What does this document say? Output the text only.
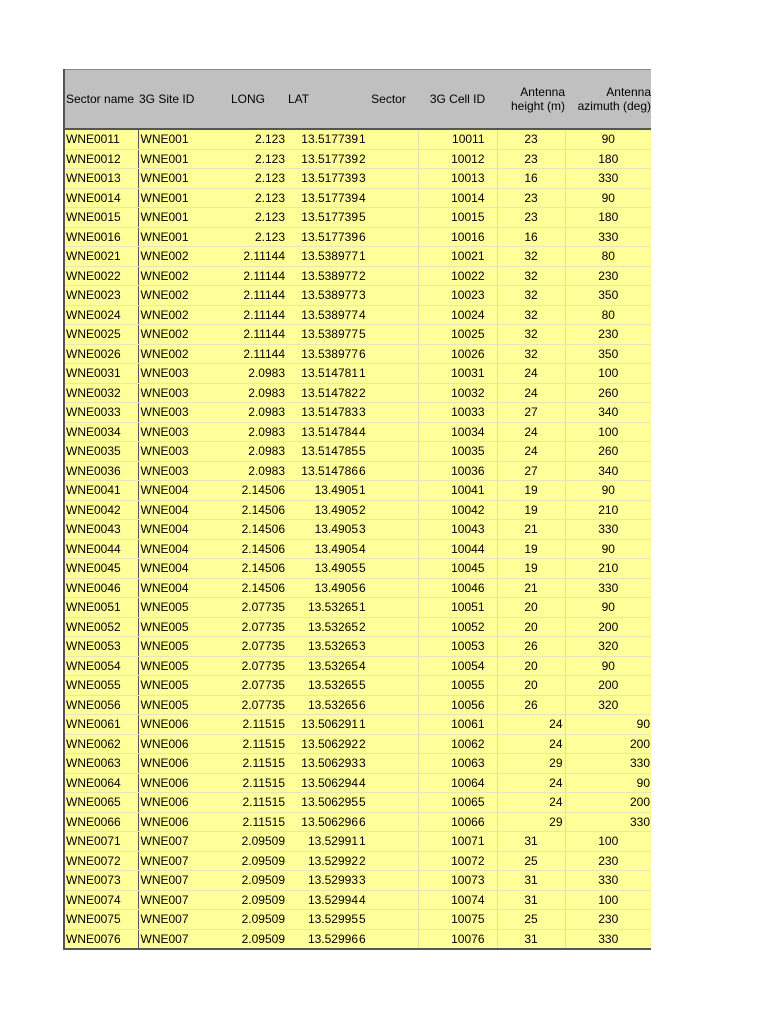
Sector name	3G Site ID	LONG	LAT	Sector	3G Cell ID	Antenna height (m)	Antenna azimuth (deg)
WNE0011	WNE001	2.123	13.517739	1	10011	23	90
WNE0012	WNE001	2.123	13.517739	2	10012	23	180
WNE0013	WNE001	2.123	13.517739	3	10013	16	330
WNE0014	WNE001	2.123	13.517739	4	10014	23	90
WNE0015	WNE001	2.123	13.517739	5	10015	23	180
WNE0016	WNE001	2.123	13.517739	6	10016	16	330
WNE0021	WNE002	2.11144	13.538977	1	10021	32	80
WNE0022	WNE002	2.11144	13.538977	2	10022	32	230
WNE0023	WNE002	2.11144	13.538977	3	10023	32	350
WNE0024	WNE002	2.11144	13.538977	4	10024	32	80
WNE0025	WNE002	2.11144	13.538977	5	10025	32	230
WNE0026	WNE002	2.11144	13.538977	6	10026	32	350
WNE0031	WNE003	2.0983	13.514781	1	10031	24	100
WNE0032	WNE003	2.0983	13.514782	2	10032	24	260
WNE0033	WNE003	2.0983	13.514783	3	10033	27	340
WNE0034	WNE003	2.0983	13.514784	4	10034	24	100
WNE0035	WNE003	2.0983	13.514785	5	10035	24	260
WNE0036	WNE003	2.0983	13.514786	6	10036	27	340
WNE0041	WNE004	2.14506	13.4905	1	10041	19	90
WNE0042	WNE004	2.14506	13.4905	2	10042	19	210
WNE0043	WNE004	2.14506	13.4905	3	10043	21	330
WNE0044	WNE004	2.14506	13.4905	4	10044	19	90
WNE0045	WNE004	2.14506	13.4905	5	10045	19	210
WNE0046	WNE004	2.14506	13.4905	6	10046	21	330
WNE0051	WNE005	2.07735	13.53265	1	10051	20	90
WNE0052	WNE005	2.07735	13.53265	2	10052	20	200
WNE0053	WNE005	2.07735	13.53265	3	10053	26	320
WNE0054	WNE005	2.07735	13.53265	4	10054	20	90
WNE0055	WNE005	2.07735	13.53265	5	10055	20	200
WNE0056	WNE005	2.07735	13.53265	6	10056	26	320
WNE0061	WNE006	2.11515	13.506291	1	10061	24	90
WNE0062	WNE006	2.11515	13.506292	2	10062	24	200
WNE0063	WNE006	2.11515	13.506293	3	10063	29	330
WNE0064	WNE006	2.11515	13.506294	4	10064	24	90
WNE0065	WNE006	2.11515	13.506295	5	10065	24	200
WNE0066	WNE006	2.11515	13.506296	6	10066	29	330
WNE0071	WNE007	2.09509	13.52991	1	10071	31	100
WNE0072	WNE007	2.09509	13.52992	2	10072	25	230
WNE0073	WNE007	2.09509	13.52993	3	10073	31	330
WNE0074	WNE007	2.09509	13.52994	4	10074	31	100
WNE0075	WNE007	2.09509	13.52995	5	10075	25	230
WNE0076	WNE007	2.09509	13.52996	6	10076	31	330
